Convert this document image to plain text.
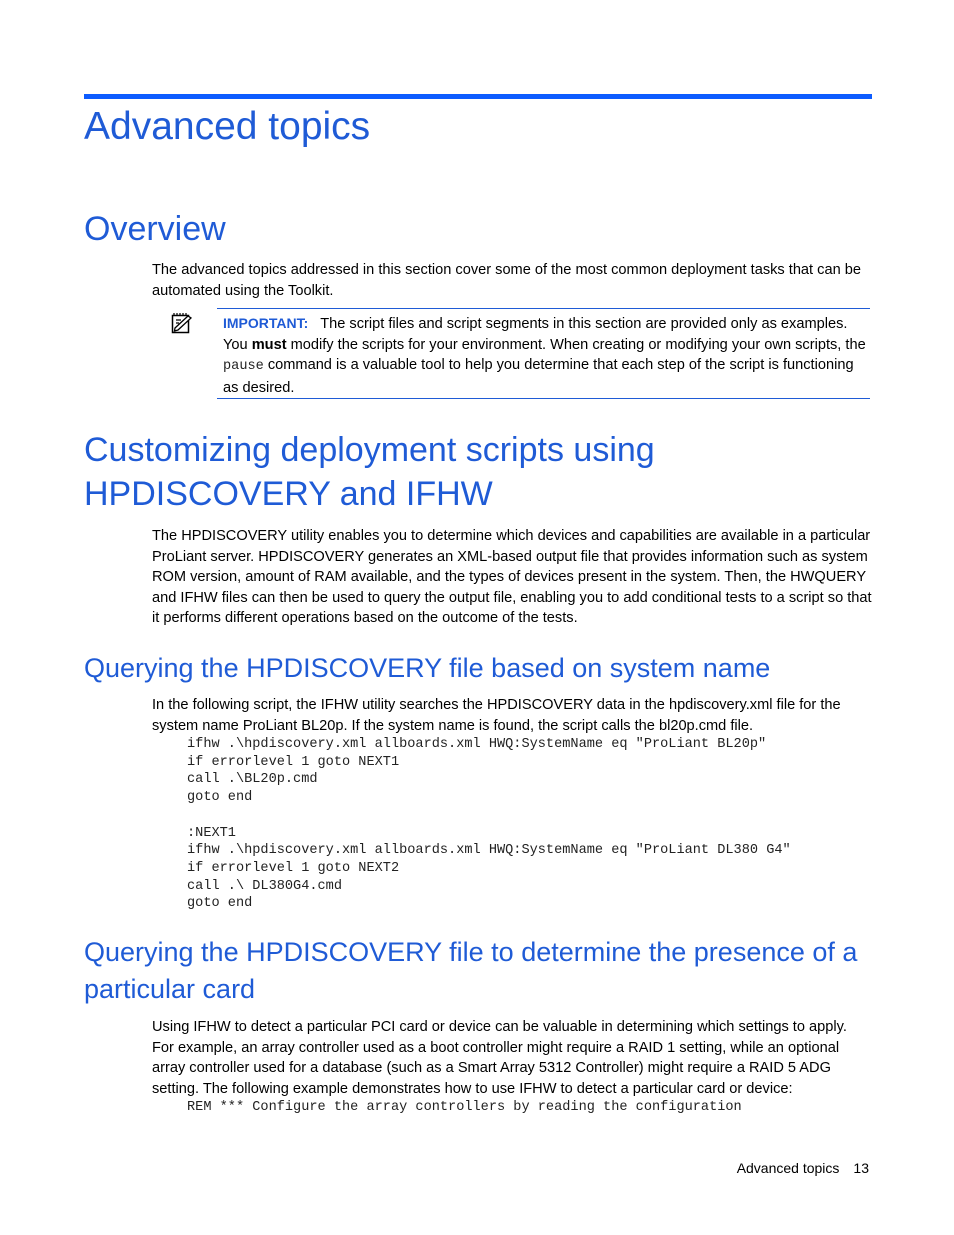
Advanced topics
Overview

The advanced topics addressed in this section cover some of the most common deployment tasks that can be automated using the Toolkit.

IMPORTANT: The script files and script segments in this section are provided only as examples. You must modify the scripts for your environment. When creating or modifying your own scripts, the pause command is a valuable tool to help you determine that each step of the script is functioning as desired.

Customizing deployment scripts using HPDISCOVERY and IFHW

The HPDISCOVERY utility enables you to determine which devices and capabilities are available in a particular ProLiant server. HPDISCOVERY generates an XML-based output file that provides information such as system ROM version, amount of RAM available, and the types of devices present in the system. Then, the HWQUERY and IFHW files can then be used to query the output file, enabling you to add conditional tests to a script so that it performs different operations based on the outcome of the tests.

Querying the HPDISCOVERY file based on system name

In the following script, the IFHW utility searches the HPDISCOVERY data in the hpdiscovery.xml file for the system name ProLiant BL20p. If the system name is found, the script calls the bl20p.cmd file.

ifhw .\hpdiscovery.xml allboards.xml HWQ:SystemName eq "ProLiant BL20p"
if errorlevel 1 goto NEXT1
call .\BL20p.cmd
goto end

:NEXT1
ifhw .\hpdiscovery.xml allboards.xml HWQ:SystemName eq "ProLiant DL380 G4"
if errorlevel 1 goto NEXT2
call .\ DL380G4.cmd
goto end
Querying the HPDISCOVERY file to determine the presence of a particular card

Using IFHW to detect a particular PCI card or device can be valuable in determining which settings to apply. For example, an array controller used as a boot controller might require a RAID 1 setting, while an optional array controller used for a database (such as a Smart Array 5312 Controller) might require a RAID 5 ADG setting. The following example demonstrates how to use IFHW to detect a particular card or device:

REM *** Configure the array controllers by reading the configuration
Advanced topics 13
